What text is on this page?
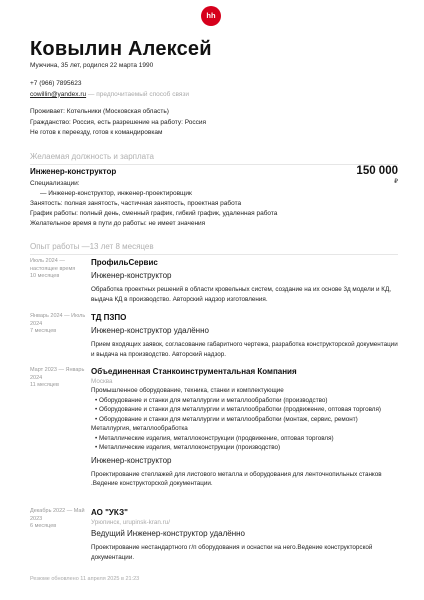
hh
Ковылин Алексей
Мужчина, 35 лет, родился 22 марта 1990
+7 (966) 7895623
cowillin@yandex.ru — предпочитаемый способ связи
Проживает: Котельники (Московская область)
Гражданство: Россия, есть разрешение на работу: Россия
Не готов к переезду, готов к командировкам
Желаемая должность и зарплата
Инженер-конструктор	150 000
₽
Специализации:
— Инженер-конструктор, инженер-проектировщик
Занятость: полная занятость, частичная занятость, проектная работа
График работы: полный день, сменный график, гибкий график, удаленная работа
Желательное время в пути до работы: не имеет значения
Опыт работы —13 лет 8 месяцев
Июль 2024 — настоящее время
10 месяцев
ПрофильСервис
Инженер-конструктор
Обработка проектных решений в области кровельных систем, создание на их основе 3д модели и КД, выдача КД в производство. Авторский надзор изготовления.
Январь 2024 — Июль 2024
7 месяцев
ТД ПЗПО
Инженер-конструктор удалённо
Прием входящих заявок, согласование габаритного чертежа, разработка конструкторской документации и выдача на производство. Авторский надзор.
Март 2023 — Январь 2024
11 месяцев
Объединенная Станкоинструментальная Компания
Москва
Промышленное оборудование, техника, станки и комплектующие
• Оборудование и станки для металлургии и металлообработки (производство)
• Оборудование и станки для металлургии и металлообработки (продвижение, оптовая торговля)
• Оборудование и станки для металлургии и металлообработки (монтаж, сервис, ремонт)
Металлургия, металлообработка
• Металлические изделия, металлоконструкции (продвижение, оптовая торговля)
• Металлические изделия, металлоконструкции (производство)
Инженер-конструктор
Проектирование стеллажей для листового металла и оборудования для ленточнопильных станков .Ведение конструкторской документации.
Декабрь 2022 — Май 2023
6 месяцев
АО "УКЗ"
Урюпинск, urupinsk-kran.ru/
Ведущий Инженер-конструктор удалённо
Проектирование нестандартного г/п оборудования и оснастки на него.Ведение конструкторской документации.
Резюме обновлено 11 апреля 2025 в 21:23
